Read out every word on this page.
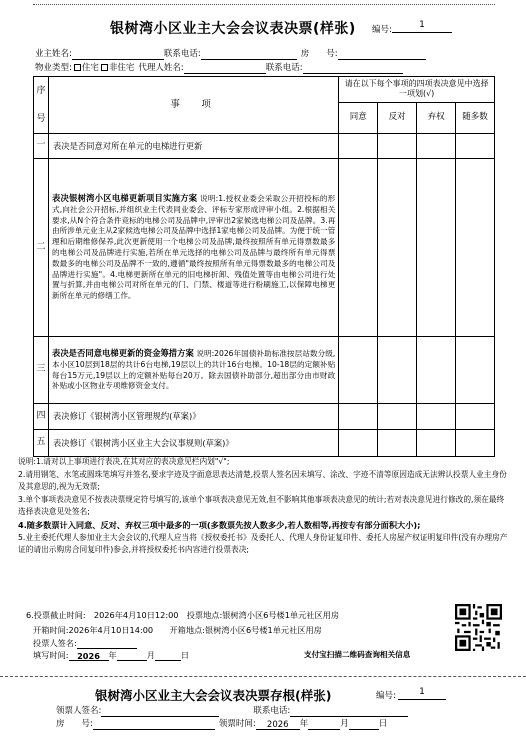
银树湾小区业主大会会议表决票(样张) 编号:	1
业主姓名:	联系电话:	房　　号:
物业类型: 住宅 非住宅 代理人姓名:	联系电话:
序
号	事　项	请在以下每个事项的四项表决意见中选择一项划(√)			
		同意	反对	弃权	随多数
一	表决是否同意对所在单元的电梯进行更新				
二	表决银树湾小区电梯更新项目实施方案 说明:1.授权业委会采取公开招投标的形式,向社会公开招标,并组织业主代表同业委会、评标专家形成评审小组。2.根据相关要求,从N个符合条件竞标的电梯公司及品牌中,评审出2家候选电梯公司及品牌。3.再由所涉单元业主从2家候选电梯公司及品牌中选择1家电梯公司及品牌。为便于统一管理和后期维修保养,此次更新使用一个电梯公司及品牌,最终按照所有单元得票数最多的电梯公司及品牌进行实施,若所在单元选择的电梯公司及品牌与最终所有单元得票数最多的电梯公司及品牌不一致的,遵循"最终按照所有单元得票数最多的电梯公司及品牌进行实施"。4.电梯更新所在单元的旧电梯折卸、残值处置等由电梯公司进行处置与折算,并由电梯公司对所在单元的门、门禁、楼道等进行粉刷施工,以保障电梯更新所在单元的修缮工作。				
三	表决是否同意电梯更新的资金筹措方案 说明:2026年国债补助标准按层站数分级,本小区10层到18层的共计6台电梯,19层以上的共计16台电梯。10-18层的定额补贴每台15万元,19层以上的定额补贴每台20万。除去国债补助部分,超出部分由市财政补贴或小区物业专项维修资金支付。				
四	表决修订《银树湾小区管理规约(草案)》				
五	表决修订《银树湾小区业主大会议事规则(草案)》				

说明:1.请对以上事项进行表决,在其对应的表决意见栏内划"√";

2.请用钢笔、水笔或圆珠笔填写并签名,要求字迹及字面意思表达清楚,投票人签名因未填写、涂改、字迹不清等原因造成无法辨认投票人业主身份及其意思的,视为无效票;

3.单个事项表决意见不按表决票规定符号填写的,该单个事项表决意见无效,但不影响其他事项表决意见的统计;若对表决意见进行修改的,须在最终选择表决意见处签名;

4.随多数票计入同意、反对、弃权三项中最多的一项(多数票先按人数多少,若人数相等,再按专有部分面积大小);

5.业主委托代理人参加业主大会会议的,代理人应当将《授权委托书》及委托人、代理人身份证复印件、委托人房屋产权证明复印件(没有办理房产证的请出示购房合同复印件)参会,并将授权委托书内容进行投票表决;

6.投票截止时间:　2026年4月10日12:00　投票地点:银树湾小区6号楼1单元社区用房
开箱时间:2026年4月10日14:00　　开箱地点:银树湾小区6号楼1单元社区用房
投票人签名:
填写时间: 2026 年	月	日	支付宝扫描二维码查询相关信息
银树湾小区业主大会会议表决票存根(样张)	编号:	1
领票人签名:	联系电话:
房　　号:	领票时间: 2026 年	月	日
